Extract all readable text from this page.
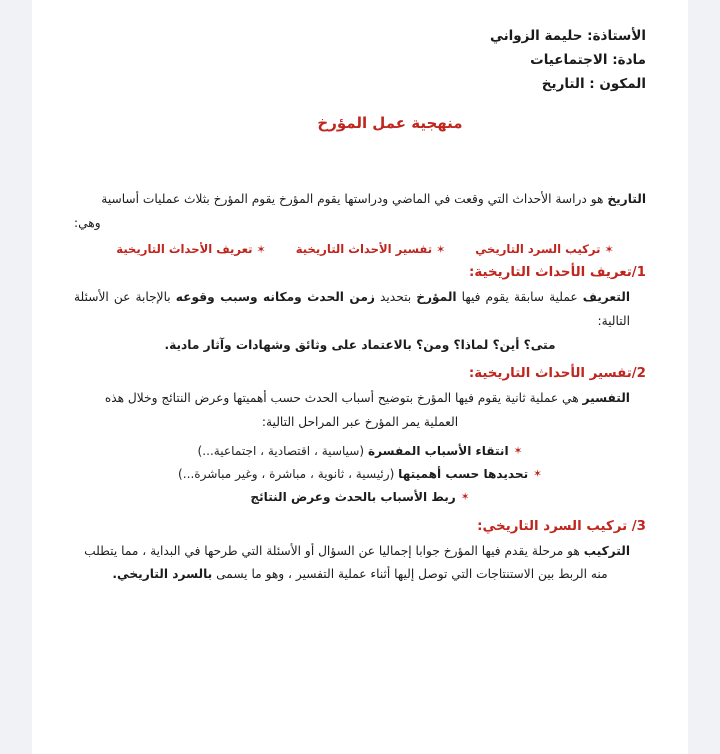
الأستاذة: حليمة الزواني
مادة: الاجتماعيات
المكون : التاريخ
منهجية عمل المؤرخ

التاريخ هو دراسة الأحداث التي وقعت في الماضي ودراستها يقوم المؤرخ يقوم المؤرخ بثلاث عمليات أساسية

وهي:

✶تركيب السرد التاريخي
✶تفسير الأحداث التاريخية
✶تعريف الأحداث التاريخية
1/تعريف الأحداث التاريخية:

التعريف عملية سابقة يقوم فيها المؤرخ بتحديد زمن الحدث ومكانه وسبب وقوعه بالإجابة عن الأسئلة التالية:

متى؟ أين؟ لماذا؟ ومن؟ بالاعتماد على وثائق وشهادات وآثار مادية.

2/تفسير الأحداث التاريخية:

التفسير هي عملية ثانية يقوم فيها المؤرخ بتوضيح أسباب الحدث حسب أهميتها وعرض النتائج وخلال هذه

العملية يمر المؤرخ عبر المراحل التالية:

✶انتقاء الأسباب المفسرة (سياسية ، اقتصادية ، اجتماعية...)
✶تحديدها حسب أهميتها (رئيسية ، ثانوية ، مباشرة ، وغير مباشرة...)
✶ربط الأسباب بالحدث وعرض النتائج
3/ تركيب السرد التاريخي:

التركيب هو مرحلة يقدم فيها المؤرخ جوابا إجماليا عن السؤال أو الأسئلة التي طرحها في البداية ، مما يتطلب

منه الربط بين الاستنتاجات التي توصل إليها أثناء عملية التفسير ، وهو ما يسمى بالسرد التاريخي.
